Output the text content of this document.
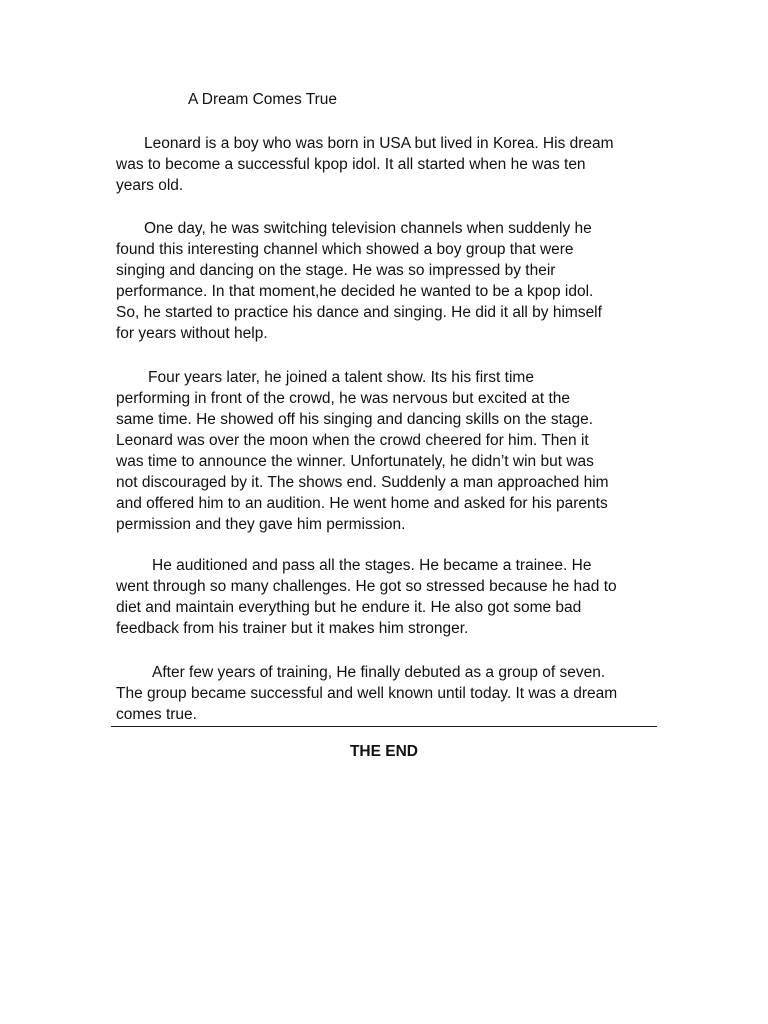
A Dream Comes True

Leonard is a boy who was born in USA but lived in Korea. His dream
was to become a successful kpop idol. It all started when he was ten
years old.

One day, he was switching television channels when suddenly he
found this interesting channel which showed a boy group that were
singing and dancing on the stage. He was so impressed by their
performance. In that moment,he decided he wanted to be a kpop idol.
So, he started to practice his dance and singing. He did it all by himself
for years without help.

Four years later, he joined a talent show. Its his first time
performing in front of the crowd, he was nervous but excited at the
same time. He showed off his singing and dancing skills on the stage.
Leonard was over the moon when the crowd cheered for him. Then it
was time to announce the winner. Unfortunately, he didn’t win but was
not discouraged by it. The shows end. Suddenly a man approached him
and offered him to an audition. He went home and asked for his parents
permission and they gave him permission.

He auditioned and pass all the stages. He became a trainee. He
went through so many challenges. He got so stressed because he had to
diet and maintain everything but he endure it. He also got some bad
feedback from his trainer but it makes him stronger.

After few years of training, He finally debuted as a group of seven.
The group became successful and well known until today. It was a dream
comes true.

THE END
